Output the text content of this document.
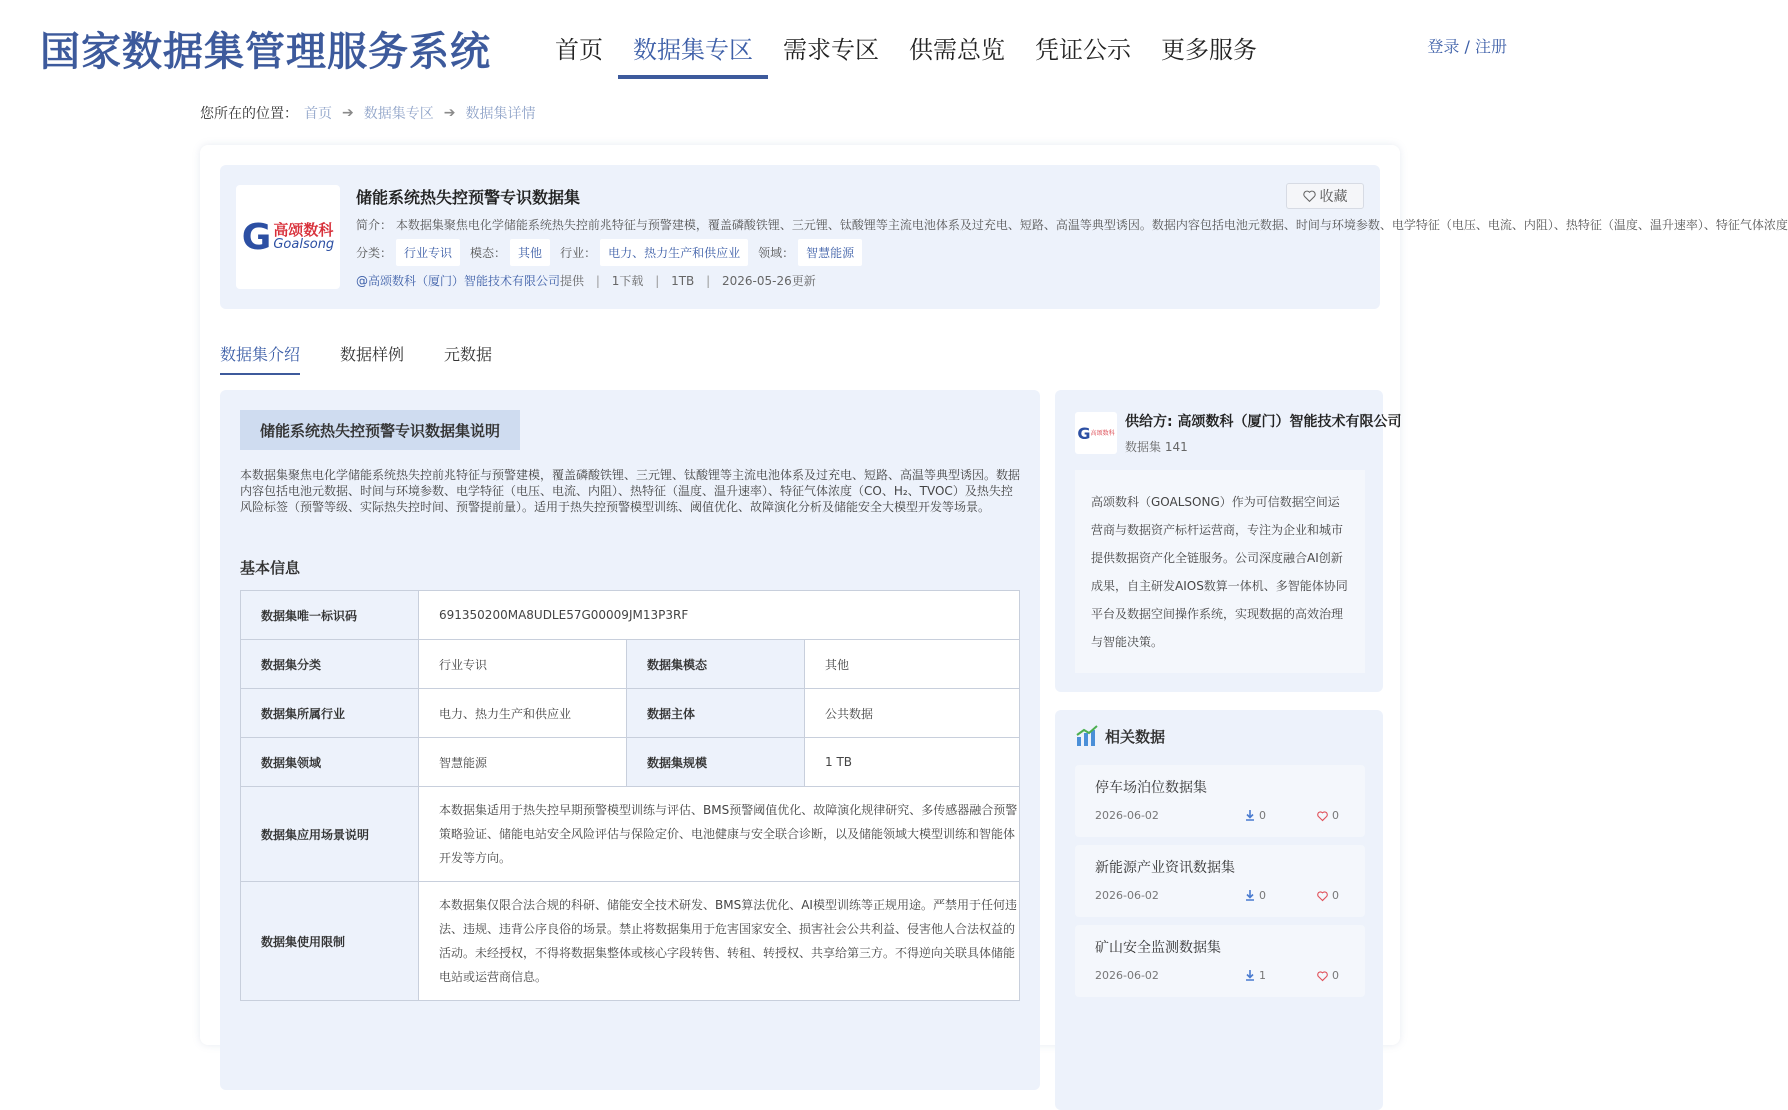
国家数据集管理服务系统	首页	数据集专区	需求专区	供需总览	凭证公示	更多服务	登录 / 注册
您所在的位置： 首页 ➔ 数据集专区 ➔ 数据集详情
G 高颂数科
Goalsong
储能系统热失控预警专识数据集	收藏
简介： 本数据集聚焦电化学储能系统热失控前兆特征与预警建模，覆盖磷酸铁锂、三元锂、钛酸锂等主流电池体系及过充电、短路、高温等典型诱因。数据内容包括电池元数据、时间与环境参数、电学特征（电压、电流、内阻）、热特征（温度、温升速率）、特征气体浓度
分类：	行业专识	模态：	其他	行业：	电力、热力生产和供应业	领域：	智慧能源
@高颂数科（厦门）智能技术有限公司提供 | 1下载 | 1TB | 2026-05-26更新
数据集介绍	数据样例	元数据
储能系统热失控预警专识数据集说明
本数据集聚焦电化学储能系统热失控前兆特征与预警建模，覆盖磷酸铁锂、三元锂、钛酸锂等主流电池体系及过充电、短路、高温等典型诱因。数据内容包括电池元数据、时间与环境参数、电学特征（电压、电流、内阻）、热特征（温度、温升速率）、特征气体浓度（CO、H₂、TVOC）及热失控风险标签（预警等级、实际热失控时间、预警提前量）。适用于热失控预警模型训练、阈值优化、故障演化分析及储能安全大模型开发等场景。
基本信息
数据集唯一标识码	691350200MA8UDLE57G00009JM13P3RF		
数据集分类	行业专识	数据集模态	其他
数据集所属行业	电力、热力生产和供应业	数据主体	公共数据
数据集领域	智慧能源	数据集规模	1 TB
数据集应用场景说明	本数据集适用于热失控早期预警模型训练与评估、BMS预警阈值优化、故障演化规律研究、多传感器融合预警策略验证、储能电站安全风险评估与保险定价、电池健康与安全联合诊断，以及储能领域大模型训练和智能体开发等方向。		
数据集使用限制	本数据集仅限合法合规的科研、储能安全技术研发、BMS算法优化、AI模型训练等正规用途。严禁用于任何违法、违规、违背公序良俗的场景。禁止将数据集用于危害国家安全、损害社会公共利益、侵害他人合法权益的活动。未经授权，不得将数据集整体或核心字段转售、转租、转授权、共享给第三方。不得逆向关联具体储能电站或运营商信息。		
G 高颂数科
供给方: 高颂数科（厦门）智能技术有限公司
数据集 141
高颂数科（GOALSONG）作为可信数据空间运营商与数据资产标杆运营商，专注为企业和城市提供数据资产化全链服务。公司深度融合AI创新成果，自主研发AIOS数算一体机、多智能体协同平台及数据空间操作系统，实现数据的高效治理与智能决策。
相关数据
停车场泊位数据集
2026-06-02	0	0
新能源产业资讯数据集
2026-06-02	0	0
矿山安全监测数据集
2026-06-02	1	0
